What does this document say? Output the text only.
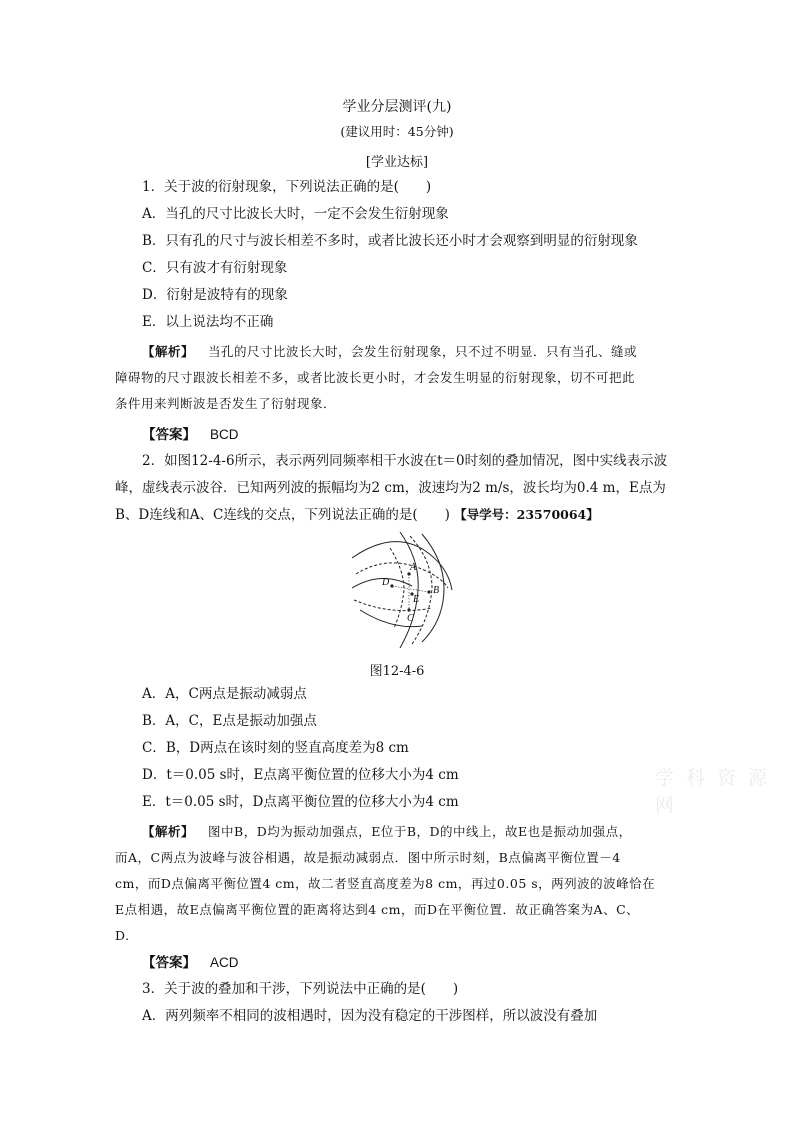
学业分层测评(九)
(建议用时：45分钟)
[学业达标]
1．关于波的衍射现象，下列说法正确的是(　　)
A．当孔的尺寸比波长大时，一定不会发生衍射现象
B．只有孔的尺寸与波长相差不多时，或者比波长还小时才会观察到明显的衍射现象
C．只有波才有衍射现象
D．衍射是波特有的现象
E．以上说法均不正确
【解析】 当孔的尺寸比波长大时，会发生衍射现象，只不过不明显．只有当孔、缝或
障碍物的尺寸跟波长相差不多，或者比波长更小时，才会发生明显的衍射现象，切不可把此
条件用来判断波是否发生了衍射现象．
【答案】 BCD
2．如图12-4-6所示，表示两列同频率相干水波在t＝0时刻的叠加情况，图中实线表示波
峰，虚线表示波谷．已知两列波的振幅均为2 cm，波速均为2 m/s，波长均为0.4 m，E点为
B、D连线和A、C连线的交点，下列说法正确的是(　　) 【导学号：23570064】
A
B
C
D
E
图12-4-6
A．A，C两点是振动减弱点
B．A，C，E点是振动加强点
C．B，D两点在该时刻的竖直高度差为8 cm
D．t＝0.05 s时，E点离平衡位置的位移大小为4 cm
E．t＝0.05 s时，D点离平衡位置的位移大小为4 cm
【解析】 图中B，D均为振动加强点，E位于B，D的中线上，故E也是振动加强点，
而A，C两点为波峰与波谷相遇，故是振动减弱点．图中所示时刻，B点偏离平衡位置－4
cm，而D点偏离平衡位置4 cm，故二者竖直高度差为8 cm，再过0.05 s，两列波的波峰恰在
E点相遇，故E点偏离平衡位置的距离将达到4 cm，而D在平衡位置．故正确答案为A、C、
D.
【答案】 ACD
3．关于波的叠加和干涉，下列说法中正确的是(　　)
A．两列频率不相同的波相遇时，因为没有稳定的干涉图样，所以波没有叠加
学 科 资 源 网
